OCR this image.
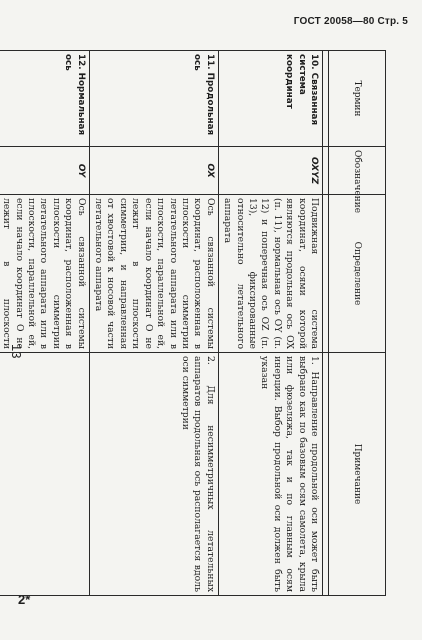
ГОСТ 20058—80 Стр. 5
2*
13
Термин	Обозначение	Определение	Примечание

10. Связанная система координат	OXYZ	Подвижная система координат, осями которой являются продольная ось OX (п. 11), нормальная ось OY (п. 12) и поперечная ось OZ (п. 13), фиксированные относительно летательного аппарата	1. Направление продольной оси может быть выбрано как по базовым осям самолета, крыла или фюзеляжа, так и по главным осям инерции. Выбор продольной оси должен быть указан
11. Продольная ось	OX	Ось связанной системы координат, расположенная в плоскости симметрии летательного аппарата или в плоскости, параллельной ей, если начало координат O не лежит в плоскости симметрии, и направленная от хвостовой к носовой части летательного аппарата	2. Для несимметричных летательных аппаратов продольная ось располагается вдоль оси симметрии
12. Нормальная ось	OY	Ось связанной системы координат, расположенная в плоскости симметрии летательного аппарата или в плоскости, параллельной ей, если начало координат O не лежит в плоскости	
